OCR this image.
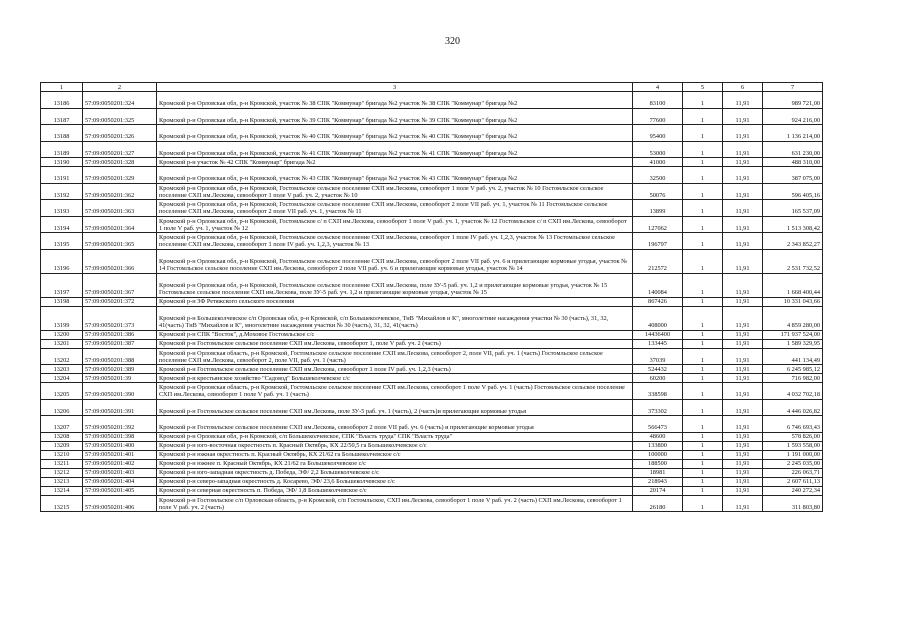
320
1	2	3	4	5	6	7
13186	57:09:0050201:324	Кромской р-н Орловская обл, р-н Кромской, участок № 38 СПК "Коммунар" бригада №2 участок № 38 СПК "Коммунар" бригада №2	83100	1	11,91	989 721,00
13187	57:09:0050201:325	Кромской р-н Орловская обл, р-н Кромской, участок № 39 СПК "Коммунар" бригада №2 участок № 39 СПК "Коммунар" бригада №2	77600	1	11,91	924 216,00
13188	57:09:0050201:326	Кромской р-н Орловская обл, р-н Кромской, участок № 40 СПК "Коммунар" бригада №2 участок № 40 СПК "Коммунар" бригада №2	95400	1	11,91	1 136 214,00
13189	57:09:0050201:327	Кромской р-н Орловская обл, р-н Кромской, участок № 41 СПК "Коммунар" бригада №2 участок № 41 СПК "Коммунар" бригада №2	53000	1	11,91	631 230,00
13190	57:09:0050201:328	Кромской р-н участок № 42 СПК "Коммунар" бригада №2	41000	1	11,91	488 310,00
13191	57:09:0050201:329	Кромской р-н Орловская обл, р-н Кромской, участок № 43 СПК "Коммунар" бригада №2 участок № 43 СПК "Коммунар" бригада №2	32500	1	11,91	387 075,00
13192	57:09:0050201:362	Кромской р-н Орловская обл, р-н Кромской, Гостомльское сельское поселение СХП им.Лескова, севооборот 1 поле V раб. уч. 2, участок № 10 Гостомльское сельское поселение СХП им.Лескова, севооборот 1 поле V раб. уч. 2, участок № 10	50076	1	11,91	596 405,16
13193	57:09:0050201:363	Кромской р-н Орловская обл, р-н Кромской, Гостомльское сельское поселение СХП им.Лескова, севооборот 2 поле VII раб. уч. 1, участок № 11 Гостомльское сельское поселение СХП им.Лескова, севооборот 2 поле VII раб. уч. 1, участок № 11	13899	1	11,91	165 537,09
13194	57:09:0050201:364	Кромской р-н Орловская обл, р-н Кромской, Гостомльское с/ п СХП им.Лескова, севооборот 1 поле V раб. уч. 1, участок № 12 Гостомльское с/ п СХП им.Лескова, севооборот 1 поле V раб. уч. 1, участок № 12	127062	1	11,91	1 513 308,42
13195	57:09:0050201:365	Кромской р-н Орловская обл, р-н Кромской, Гостомльское сельское поселение СХП им.Лескова, севооборот 1 поле IV раб. уч. 1,2,3, участок № 13 Гостомльское сельское поселение СХП им.Лескова, севооборот 1 поле IV раб. уч. 1,2,3, участок № 13	196797	1	11,91	2 343 852,27
13196	57:09:0050201:366	Кромской р-н Орловская обл, р-н Кромской, Гостомльское сельское поселение СХП им.Лескова, севооборот 2 поле VII раб. уч. 6 и прилегающие кормовые угодья, участок № 14 Гостомльское сельское поселение СХП им.Лескова, севооборот 2 поле VII раб. уч. 6 и прилегающие кормовые угодья, участок № 14	212572	1	11,91	2 531 732,52
13197	57:09:0050201:367	Кромской р-н Орловская обл, р-н Кромской, Гостомльское сельское поселение СХП им.Лескова, поле ЗУ-5 раб. уч. 1,2 и прилегающие кормовые угодья, участок № 15 Гостомльское сельское поселение СХП им.Лескова, поле ЗУ-5 раб. уч. 1,2 и прилегающие кормовые угодья, участок № 15	140084	1	11,91	1 668 400,44
13198	57:09:0050201:372	Кромской р-н ЗФ Ретяжского сельского поселения	867426	1	11,91	10 331 043,66
13199	57:09:0050201:373	Кромской р-н Большеколчевское с/п Орловская обл, р-н Кромской, с/п Большеколчевское, ТнВ "Михайлов и К", многолетние насаждения участки № 30 (часть), 31, 32, 41(часть) ТнВ "Михайлов и К", многолетние насаждения участки № 30 (часть), 31, 32, 41(часть)	408000	1	11,91	4 859 280,00
13200	57:09:0050201:386	Кромской р-н СПК "Восток", д.Моховое Гостомльское с/с	14436400	1	11,91	171 937 524,00
13201	57:09:0050201:387	Кромской р-н Гостомльское сельское поселение СХП им.Лескова, севооборот 1, поле V раб. уч. 2 (часть)	133445	1	11,91	1 589 329,95
13202	57:09:0050201:388	Кромской р-н Орловская область, р-н Кромской, Гостомльское сельское поселение СХП им.Лескова, севооборот 2, поле VII, раб. уч. 1 (часть) Гостомльское сельское поселение СХП им.Лескова, севооборот 2, поле VII, раб. уч. 1 (часть)	37039	1	11,91	441 134,49
13203	57:09:0050201:389	Кромской р-н Гостомльское сельское поселение СХП им.Лескова, севооборот 1 поле IV раб. уч. 1,2,3 (часть)	524432	1	11,91	6 245 985,12
13204	57:09:0050201:39	Кромской р-н крестьянское хозяйство "Садовод" Большеколчевское с/с	60200	1	11,91	716 982,00
13205	57:09:0050201:390	Кромской р-н Орловская область, р-н Кромской, Гостомльское сельское поселение СХП им.Лескова, севооборот 1 поле V раб. уч. 1 (часть) Гостомльское сельское поселение СХП им.Лескова, севооборот 1 поле V раб. уч. 1 (часть)	338598	1	11,91	4 032 702,18
13206	57:09:0050201:391	Кромской р-н Гостомльское сельское поселение СХП им.Лескова, поле ЗУ-5 раб. уч. 1 (часть), 2 (часть)и прилегающие кормовые угодья	373302	1	11,91	4 446 026,82
13207	57:09:0050201:392	Кромской р-н Гостомльское сельское поселение СХП им.Лескова, севооборот 2 поле VII раб. уч. 6 (часть) и прилегающие кормовые угодья	566473	1	11,91	6 746 693,43
13208	57:09:0050201:398	Кромской р-н Орловская обл, р-н Кромской, с/п Большеколчевское, СПК "Власть труда" СПК "Власть труда"	48600	1	11,91	578 826,00
13209	57:09:0050201:400	Кромской р-н юго-восточная окрестность п. Красный Октябрь, КХ 22/50,5 га Большеколчевское с/с	133800	1	11,91	1 593 558,00
13210	57:09:0050201:401	Кромской р-н южная окрестность п. Красный Октябрь, КХ 21/62 га Большеколчевское с/с	100000	1	11,91	1 191 000,00
13211	57:09:0050201:402	Кромской р-н южнее п. Красный Октябрь, КХ 21/62 га Большеколчевское с/с	188500	1	11,91	2 245 035,00
13212	57:09:0050201:403	Кромской р-н юго-западная окрестность д. Победа, ЭФ/ 2,2 Большеколчевское с/с	18981	1	11,91	226 063,71
13213	57:09:0050201:404	Кромской р-н северо-западная окрестность д. Косарево, ЭФ/ 23,6 Большеколчевское с/с	218943	1	11,91	2 607 611,13
13214	57:09:0050201:405	Кромской р-н северная окрестность п. Победа, ЭФ/ 1,8 Большеколчевское с/с	20174	1	11,91	240 272,34
13215	57:09:0050201:406	Кромской р-н Гостомльское с/п Орловская область, р-н Кромской, с/п Гостомльское, СХП им.Лескова, севооборот 1 поле V раб. уч. 2 (часть) СХП им.Лескова, севооборот 1 поле V раб. уч. 2 (часть)	26180	1	11,91	311 803,80
